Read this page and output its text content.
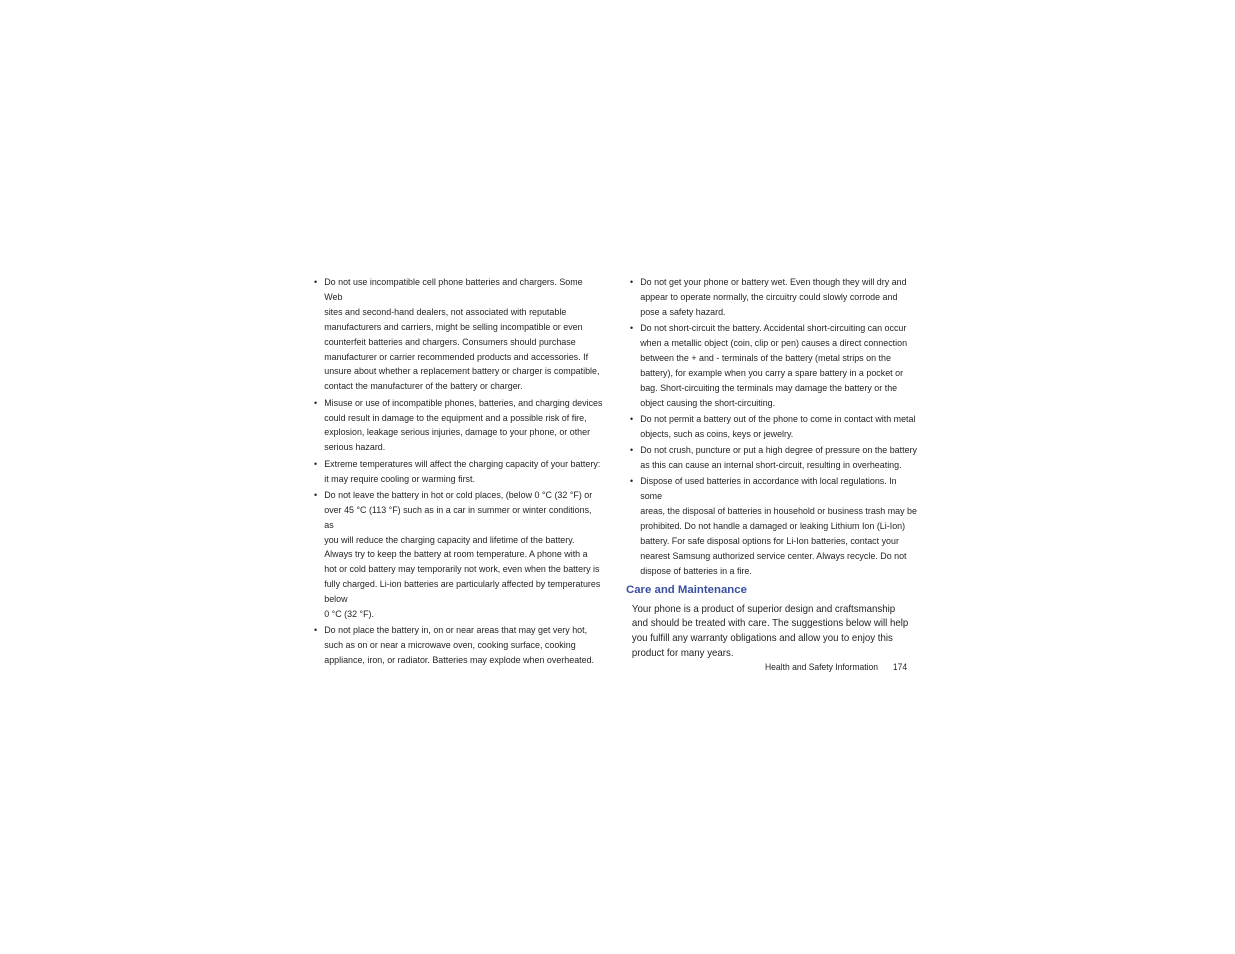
• Do not use incompatible cell phone batteries and chargers. Some Web
sites and second-hand dealers, not associated with reputable
manufacturers and carriers, might be selling incompatible or even
counterfeit batteries and chargers. Consumers should purchase
manufacturer or carrier recommended products and accessories. If
unsure about whether a replacement battery or charger is compatible,
contact the manufacturer of the battery or charger.
• Misuse or use of incompatible phones, batteries, and charging devices
could result in damage to the equipment and a possible risk of fire,
explosion, leakage serious injuries, damage to your phone, or other
serious hazard.
• Extreme temperatures will affect the charging capacity of your battery:
it may require cooling or warming first.
• Do not leave the battery in hot or cold places, (below 0 °C (32 °F) or
over 45 °C (113 °F) such as in a car in summer or winter conditions, as
you will reduce the charging capacity and lifetime of the battery.
Always try to keep the battery at room temperature. A phone with a
hot or cold battery may temporarily not work, even when the battery is
fully charged. Li-ion batteries are particularly affected by temperatures
below
0 °C (32 °F).
• Do not place the battery in, on or near areas that may get very hot,
such as on or near a microwave oven, cooking surface, cooking
appliance, iron, or radiator. Batteries may explode when overheated.
• Do not get your phone or battery wet. Even though they will dry and
appear to operate normally, the circuitry could slowly corrode and
pose a safety hazard.
• Do not short-circuit the battery. Accidental short-circuiting can occur
when a metallic object (coin, clip or pen) causes a direct connection
between the + and - terminals of the battery (metal strips on the
battery), for example when you carry a spare battery in a pocket or
bag. Short-circuiting the terminals may damage the battery or the
object causing the short-circuiting.
• Do not permit a battery out of the phone to come in contact with metal
objects, such as coins, keys or jewelry.
• Do not crush, puncture or put a high degree of pressure on the battery
as this can cause an internal short-circuit, resulting in overheating.
• Dispose of used batteries in accordance with local regulations. In some
areas, the disposal of batteries in household or business trash may be
prohibited. Do not handle a damaged or leaking Lithium Ion (Li-Ion)
battery. For safe disposal options for Li-Ion batteries, contact your
nearest Samsung authorized service center. Always recycle. Do not
dispose of batteries in a fire.
Care and Maintenance
Your phone is a product of superior design and craftsmanship
and should be treated with care. The suggestions below will help
you fulfill any warranty obligations and allow you to enjoy this
product for many years.
Health and Safety Information 174
